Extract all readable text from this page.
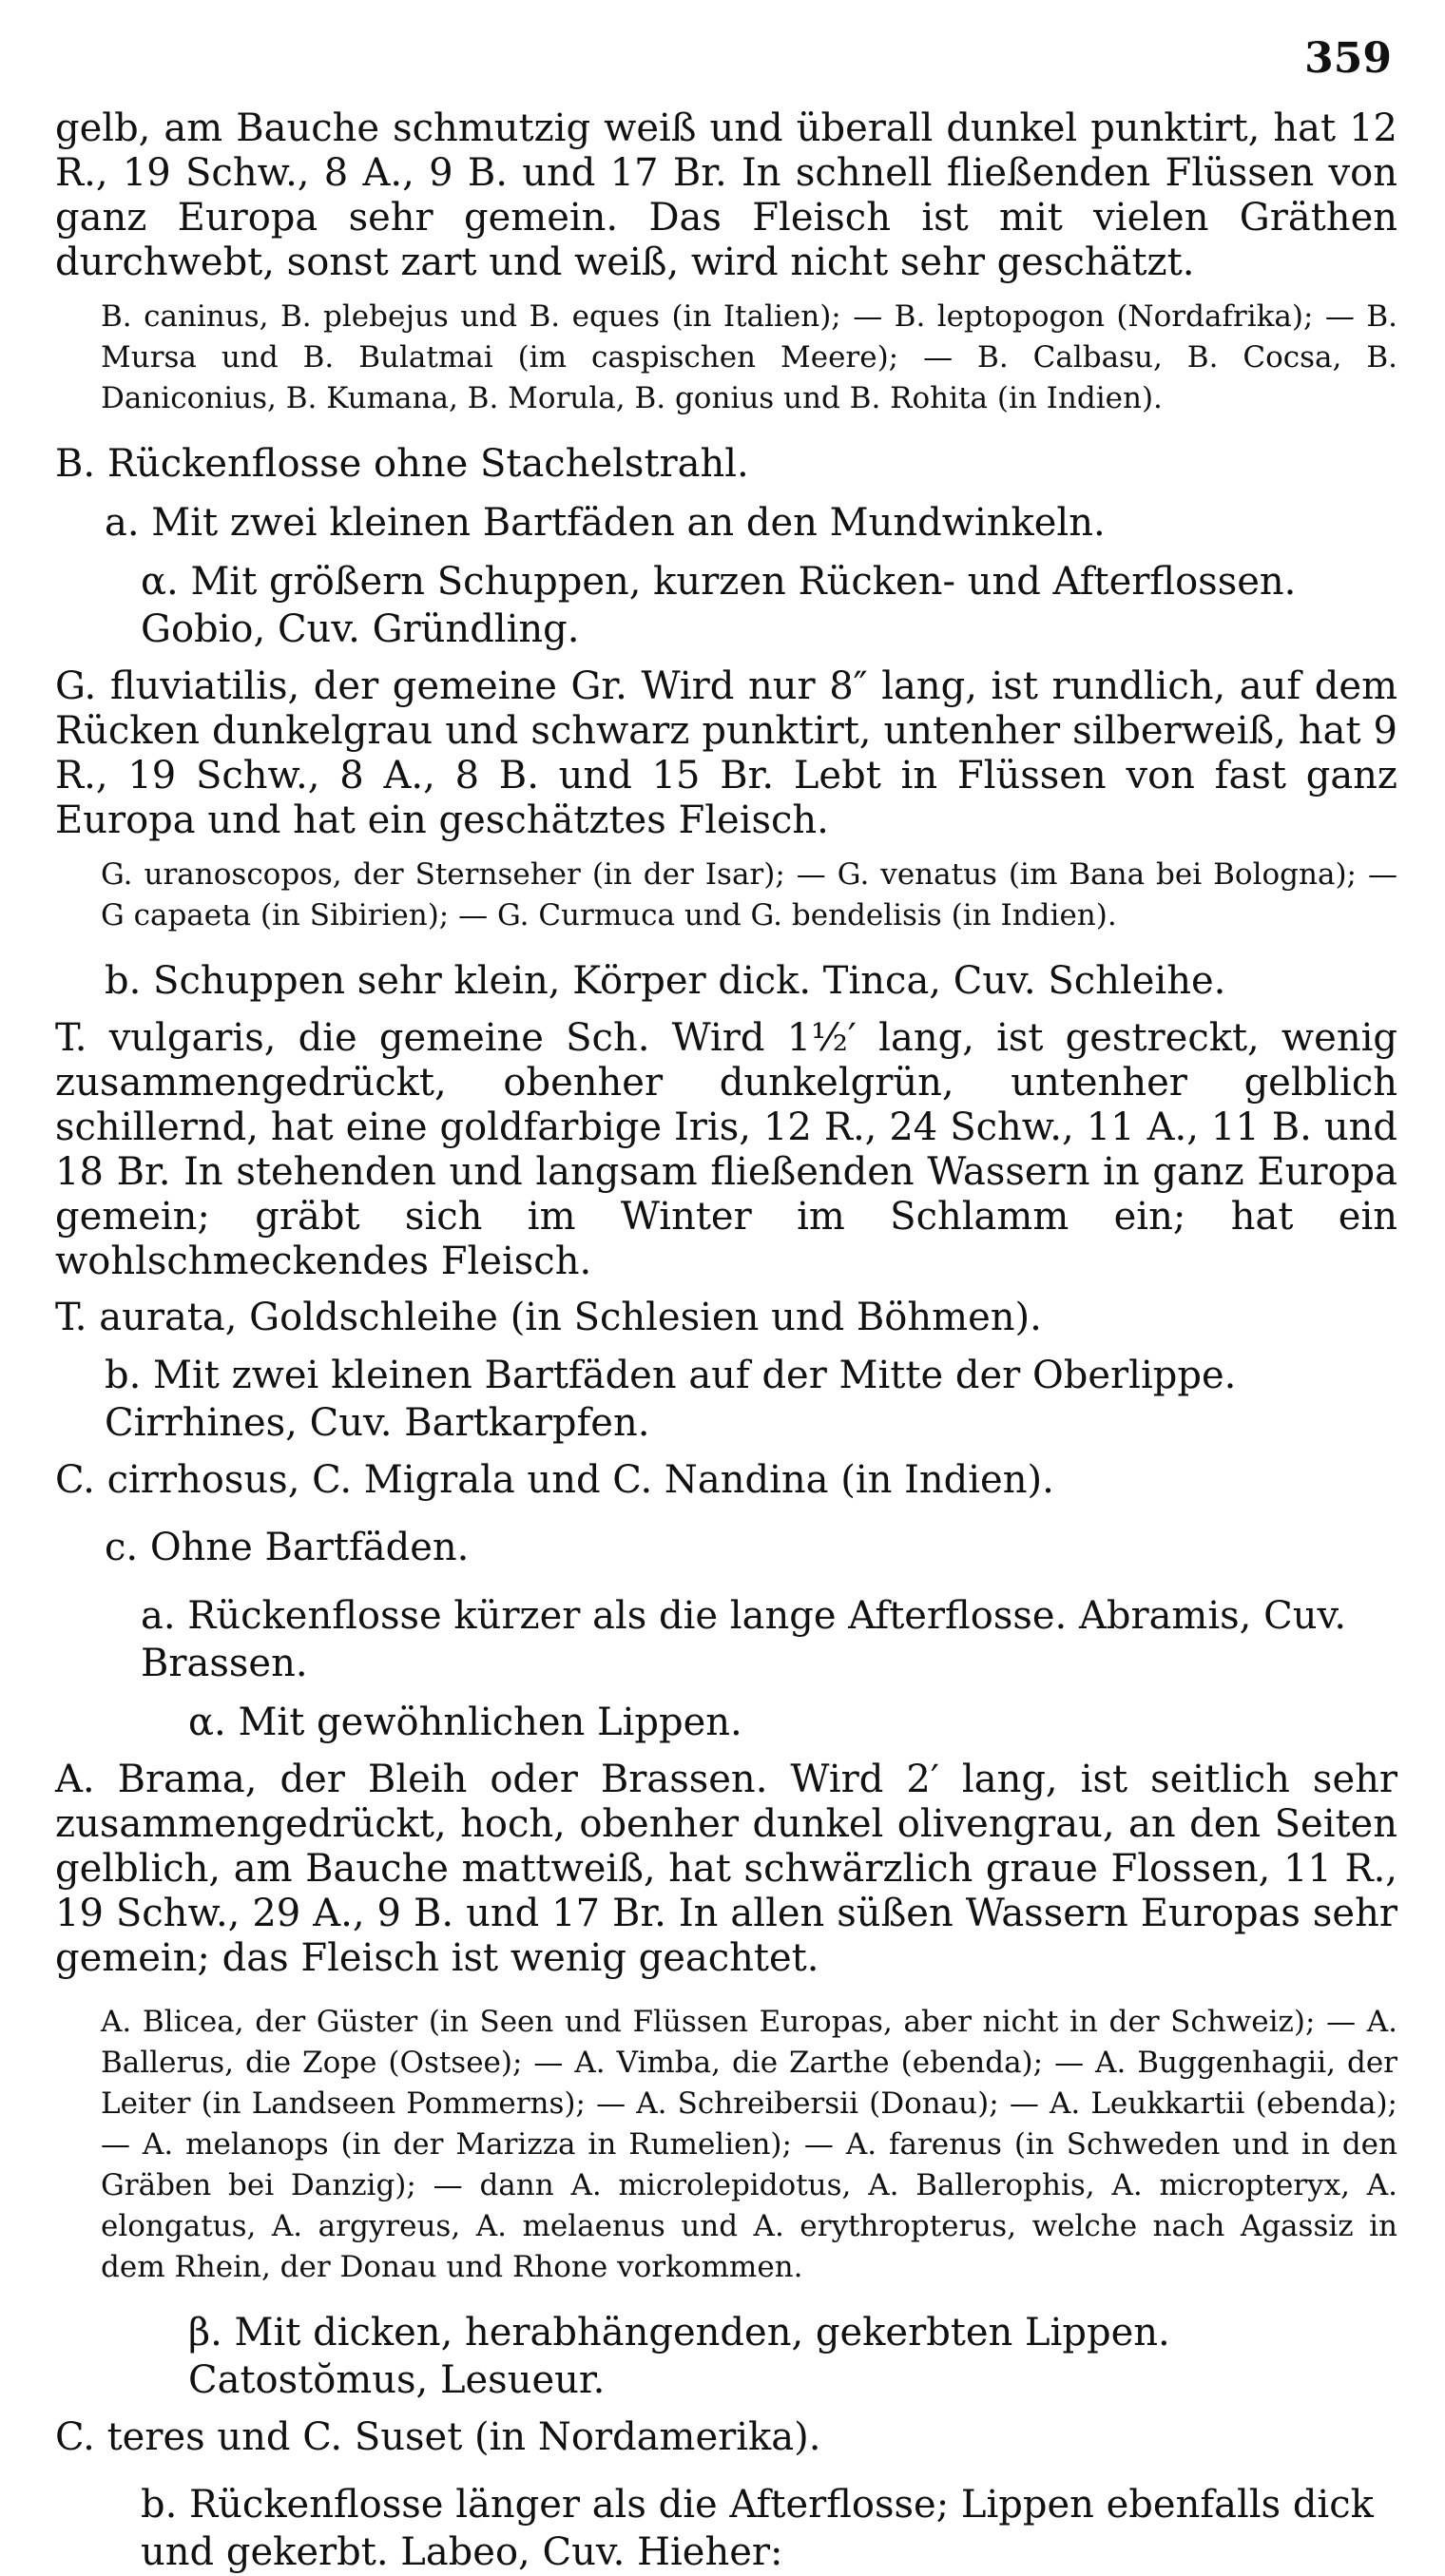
359

gelb, am Bauche schmutzig weiß und überall dunkel punktirt, hat 12 R., 19 Schw., 8 A., 9 B. und 17 Br. In schnell fließenden Flüssen von ganz Europa sehr gemein. Das Fleisch ist mit vielen Gräthen durchwebt, sonst zart und weiß, wird nicht sehr geschätzt.

B. caninus, B. plebejus und B. eques (in Italien); — B. leptopogon (Nordafrika); — B. Mursa und B. Bulatmai (im caspischen Meere); — B. Calbasu, B. Cocsa, B. Daniconius, B. Kumana, B. Morula, B. gonius und B. Rohita (in Indien).

B. Rückenflosse ohne Stachelstrahl.

a. Mit zwei kleinen Bartfäden an den Mundwinkeln.

α. Mit größern Schuppen, kurzen Rücken- und Afterflossen. Gobio, Cuv. Gründling.

G. fluviatilis, der gemeine Gr. Wird nur 8″ lang, ist rundlich, auf dem Rücken dunkelgrau und schwarz punktirt, untenher silberweiß, hat 9 R., 19 Schw., 8 A., 8 B. und 15 Br. Lebt in Flüssen von fast ganz Europa und hat ein geschätztes Fleisch.

G. uranoscopos, der Sternseher (in der Isar); — G. venatus (im Bana bei Bologna); — G capaeta (in Sibirien); — G. Curmuca und G. bendelisis (in Indien).

b. Schuppen sehr klein, Körper dick. Tinca, Cuv. Schleihe.

T. vulgaris, die gemeine Sch. Wird 1½′ lang, ist gestreckt, wenig zusammengedrückt, obenher dunkelgrün, untenher gelblich schillernd, hat eine goldfarbige Iris, 12 R., 24 Schw., 11 A., 11 B. und 18 Br. In stehenden und langsam fließenden Wassern in ganz Europa gemein; gräbt sich im Winter im Schlamm ein; hat ein wohlschmeckendes Fleisch.

T. aurata, Goldschleihe (in Schlesien und Böhmen).

b. Mit zwei kleinen Bartfäden auf der Mitte der Oberlippe. Cirrhines, Cuv. Bartkarpfen.

C. cirrhosus, C. Migrala und C. Nandina (in Indien).

c. Ohne Bartfäden.

a. Rückenflosse kürzer als die lange Afterflosse. Abramis, Cuv. Brassen.

α. Mit gewöhnlichen Lippen.

A. Brama, der Bleih oder Brassen. Wird 2′ lang, ist seitlich sehr zusammengedrückt, hoch, obenher dunkel olivengrau, an den Seiten gelblich, am Bauche mattweiß, hat schwärzlich graue Flossen, 11 R., 19 Schw., 29 A., 9 B. und 17 Br. In allen süßen Wassern Europas sehr gemein; das Fleisch ist wenig geachtet.

A. Blicea, der Güster (in Seen und Flüssen Europas, aber nicht in der Schweiz); — A. Ballerus, die Zope (Ostsee); — A. Vimba, die Zarthe (ebenda); — A. Buggenhagii, der Leiter (in Landseen Pommerns); — A. Schreibersii (Donau); — A. Leukkartii (ebenda); — A. melanops (in der Marizza in Rumelien); — A. farenus (in Schweden und in den Gräben bei Danzig); — dann A. microlepidotus, A. Ballerophis, A. micropteryx, A. elongatus, A. argyreus, A. melaenus und A. erythropterus, welche nach Agassiz in dem Rhein, der Donau und Rhone vorkommen.

β. Mit dicken, herabhängenden, gekerbten Lippen. Catostŏmus, Lesueur.

C. teres und C. Suset (in Nordamerika).

b. Rückenflosse länger als die Afterflosse; Lippen ebenfalls dick und gekerbt. Labeo, Cuv. Hieher:
